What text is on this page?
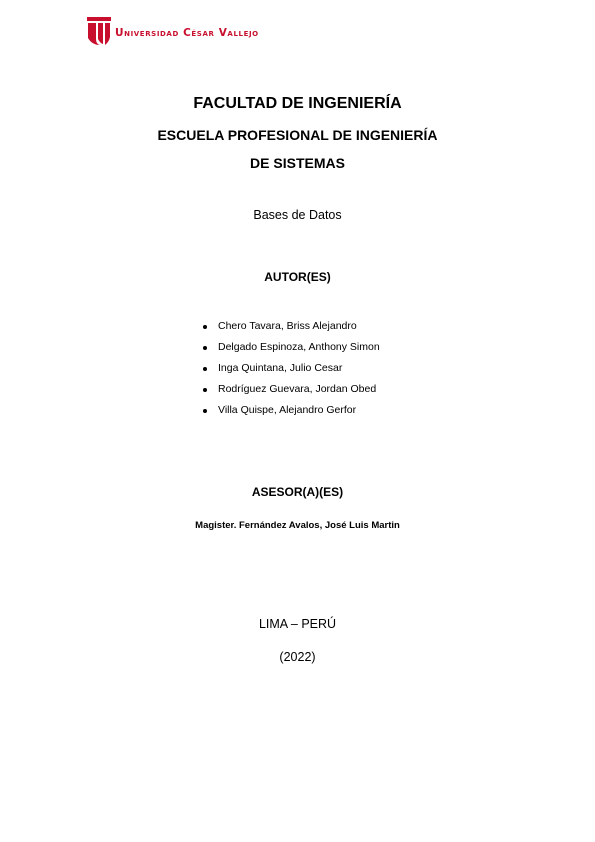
Universidad César Vallejo
FACULTAD DE INGENIERÍA
ESCUELA PROFESIONAL DE INGENIERÍA
DE SISTEMAS
Bases de Datos
AUTOR(ES)
Chero Tavara, Briss Alejandro
Delgado Espinoza, Anthony Simon
Inga Quintana, Julio Cesar
Rodríguez Guevara, Jordan Obed
Villa Quispe, Alejandro Gerfor
ASESOR(A)(ES)
Magister. Fernández Avalos, José Luis Martin
LIMA – PERÚ
(2022)
